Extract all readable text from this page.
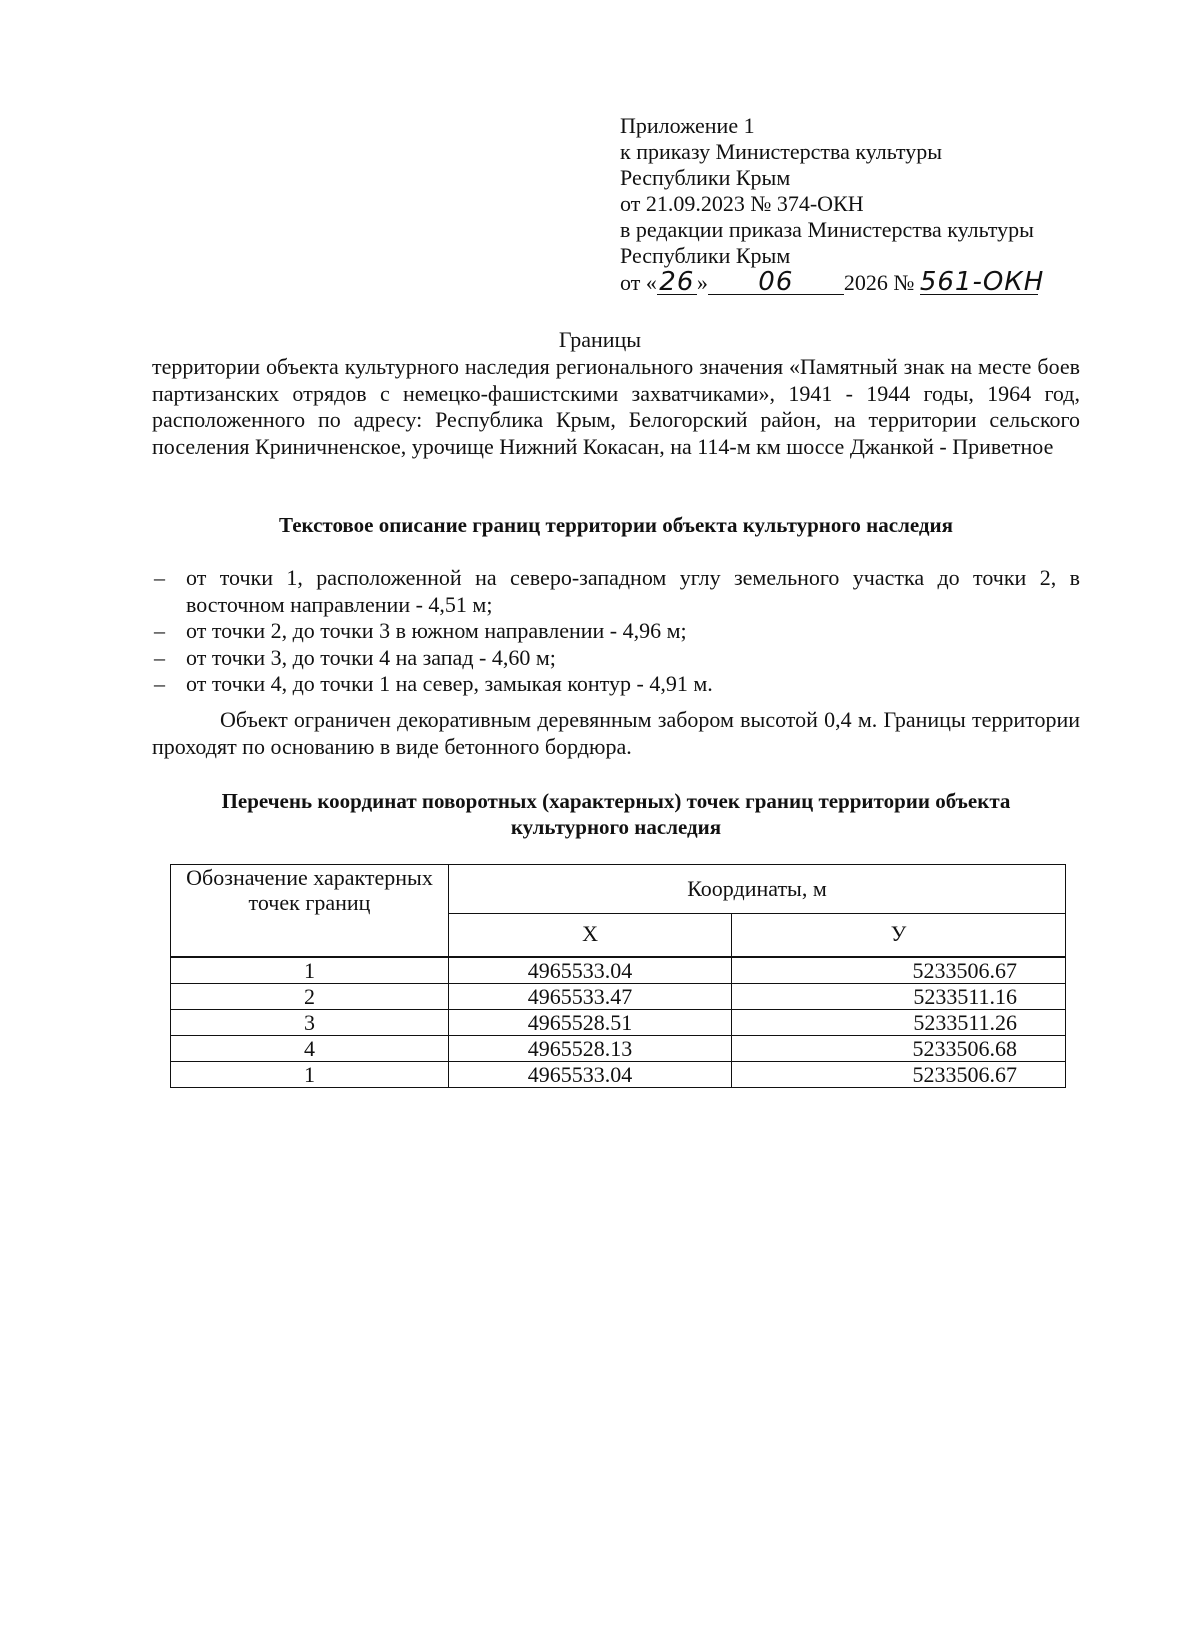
Приложение 1
к приказу Министерства культуры
Республики Крым
от 21.09.2023 № 374-ОКН
в редакции приказа Министерства культуры
Республики Крым
от «26 » 06 2026 № 561-ОКН
Границы
территории объекта культурного наследия регионального значения «Памятный знак на месте боев партизанских отрядов с немецко-фашистскими захватчиками», 1941 - 1944 годы, 1964 год, расположенного по адресу: Республика Крым, Белогорский район, на территории сельского поселения Криничненское, урочище Нижний Кокасан, на 114-м км шоссе Джанкой - Приветное
Текстовое описание границ территории объекта культурного наследия
– от точки 1, расположенной на северо-западном углу земельного участка до точки 2, в восточном направлении - 4,51 м;
– от точки 2, до точки 3 в южном направлении - 4,96 м;
– от точки 3, до точки 4 на запад - 4,60 м;
– от точки 4, до точки 1 на север, замыкая контур - 4,91 м.
Объект ограничен декоративным деревянным забором высотой 0,4 м. Границы территории проходят по основанию в виде бетонного бордюра.
Перечень координат поворотных (характерных) точек границ территории объекта
культурного наследия
Обозначение характерных точек границ	Координаты, м	
	X	У
1	4965533.04	5233506.67
2	4965533.47	5233511.16
3	4965528.51	5233511.26
4	4965528.13	5233506.68
1	4965533.04	5233506.67
